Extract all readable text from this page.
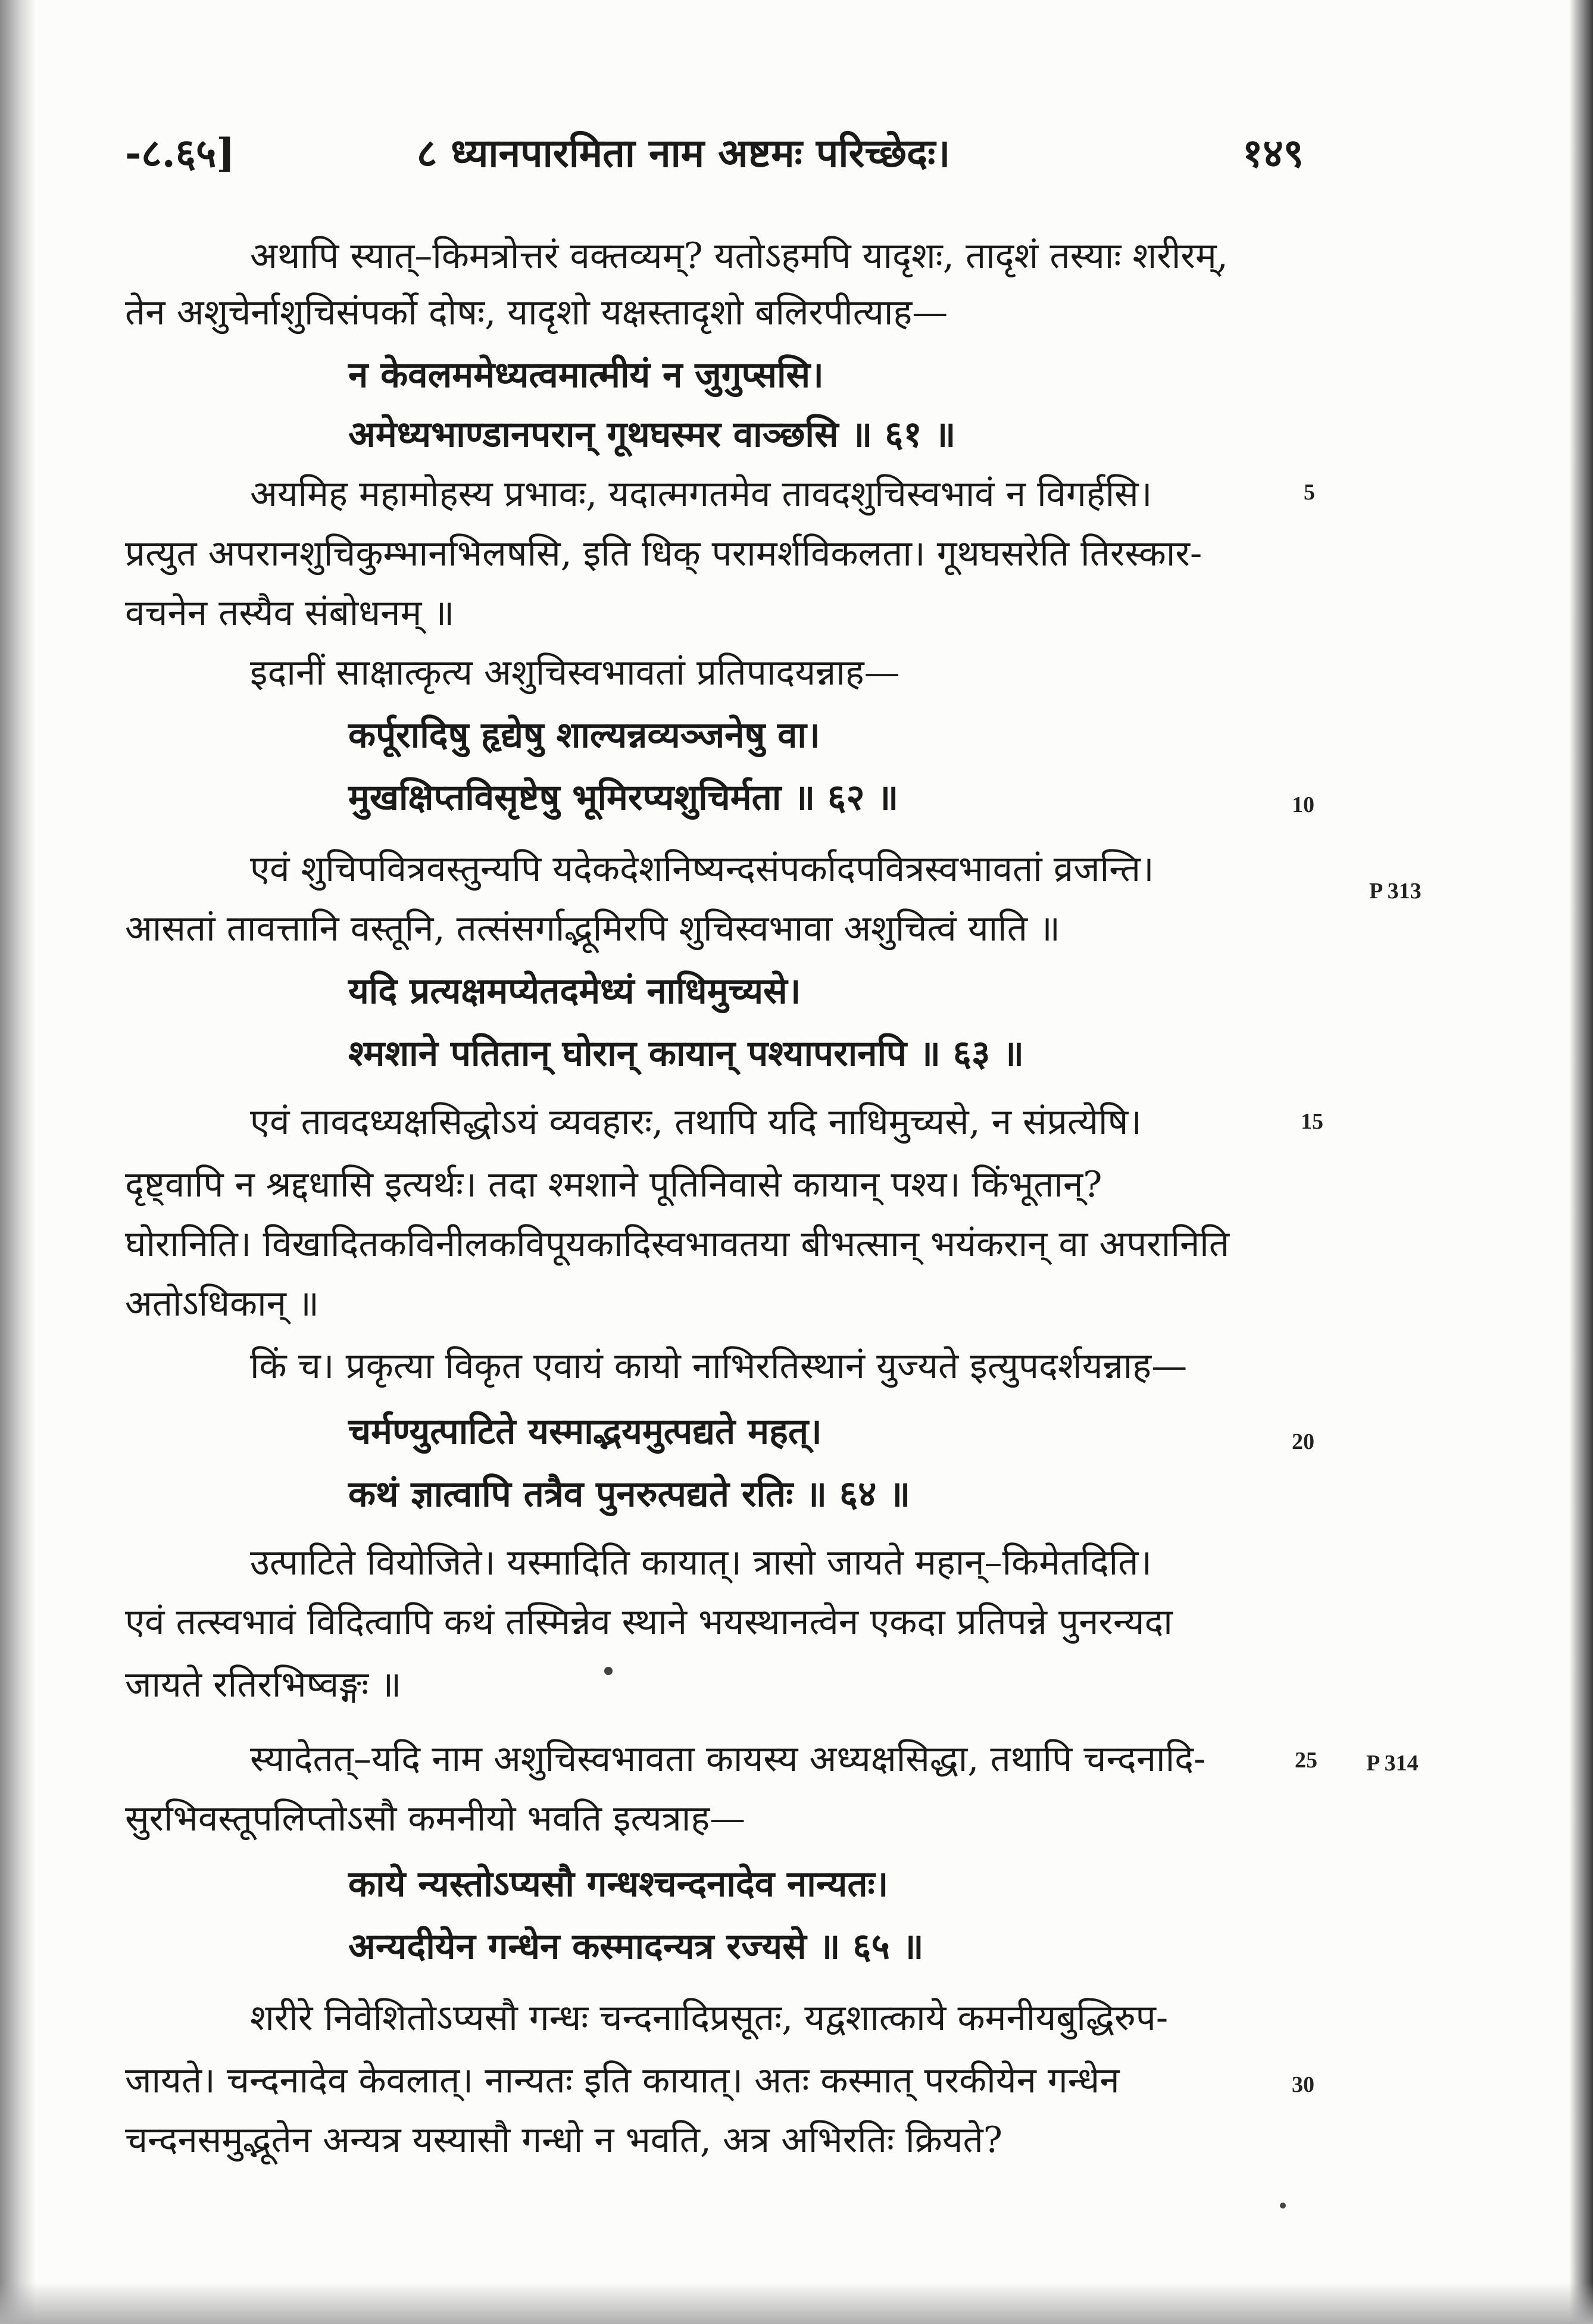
-८.६५]	८ ध्यानपारमिता नाम अष्टमः परिच्छेदः।	१४९
अथापि स्यात्–किमत्रोत्तरं वक्तव्यम्? यतोऽहमपि यादृशः, तादृशं तस्याः शरीरम्,
तेन अशुचेर्नाशुचिसंपर्को दोषः, यादृशो यक्षस्तादृशो बलिरपीत्याह—
न केवलममेध्यत्वमात्मीयं न जुगुप्ससि।
अमेध्यभाण्डानपरान् गूथघस्मर वाञ्छसि ॥ ६१ ॥
अयमिह महामोहस्य प्रभावः, यदात्मगतमेव तावदशुचिस्वभावं न विगर्हसि।
प्रत्युत अपरानशुचिकुम्भानभिलषसि, इति धिक् परामर्शविकलता। गूथघसरेति तिरस्कार-
वचनेन तस्यैव संबोधनम् ॥
इदानीं साक्षात्कृत्य अशुचिस्वभावतां प्रतिपादयन्नाह—
कर्पूरादिषु हृद्येषु शाल्यन्नव्यञ्जनेषु वा।
मुखक्षिप्तविसृष्टेषु भूमिरप्यशुचिर्मता ॥ ६२ ॥
एवं शुचिपवित्रवस्तुन्यपि यदेकदेशनिष्यन्दसंपर्कादपवित्रस्वभावतां व्रजन्ति।
आसतां तावत्तानि वस्तूनि, तत्संसर्गाद्भूमिरपि शुचिस्वभावा अशुचित्वं याति ॥
यदि प्रत्यक्षमप्येतदमेध्यं नाधिमुच्यसे।
श्मशाने पतितान् घोरान् कायान् पश्यापरानपि ॥ ६३ ॥
एवं तावदध्यक्षसिद्धोऽयं व्यवहारः, तथापि यदि नाधिमुच्यसे, न संप्रत्येषि।
दृष्ट्वापि न श्रद्दधासि इत्यर्थः। तदा श्मशाने पूतिनिवासे कायान् पश्य। किंभूतान्?
घोरानिति। विखादितकविनीलकविपूयकादिस्वभावतया बीभत्सान् भयंकरान् वा अपरानिति
अतोऽधिकान् ॥
किं च। प्रकृत्या विकृत एवायं कायो नाभिरतिस्थानं युज्यते इत्युपदर्शयन्नाह—
चर्मण्युत्पाटिते यस्माद्भयमुत्पद्यते महत्।
कथं ज्ञात्वापि तत्रैव पुनरुत्पद्यते रतिः ॥ ६४ ॥
उत्पाटिते वियोजिते। यस्मादिति कायात्। त्रासो जायते महान्–किमेतदिति।
एवं तत्स्वभावं विदित्वापि कथं तस्मिन्नेव स्थाने भयस्थानत्वेन एकदा प्रतिपन्ने पुनरन्यदा
जायते रतिरभिष्वङ्गः ॥
स्यादेतत्–यदि नाम अशुचिस्वभावता कायस्य अध्यक्षसिद्धा, तथापि चन्दनादि-
सुरभिवस्तूपलिप्तोऽसौ कमनीयो भवति इत्यत्राह—
काये न्यस्तोऽप्यसौ गन्धश्चन्दनादेव नान्यतः।
अन्यदीयेन गन्धेन कस्मादन्यत्र रज्यसे ॥ ६५ ॥
शरीरे निवेशितोऽप्यसौ गन्धः चन्दनादिप्रसूतः, यद्वशात्काये कमनीयबुद्धिरुप-
जायते। चन्दनादेव केवलात्। नान्यतः इति कायात्। अतः कस्मात् परकीयेन गन्धेन
चन्दनसमुद्भूतेन अन्यत्र यस्यासौ गन्धो न भवति, अत्र अभिरतिः क्रियते?
5
10
15
20
25
30
P 313
P 314
